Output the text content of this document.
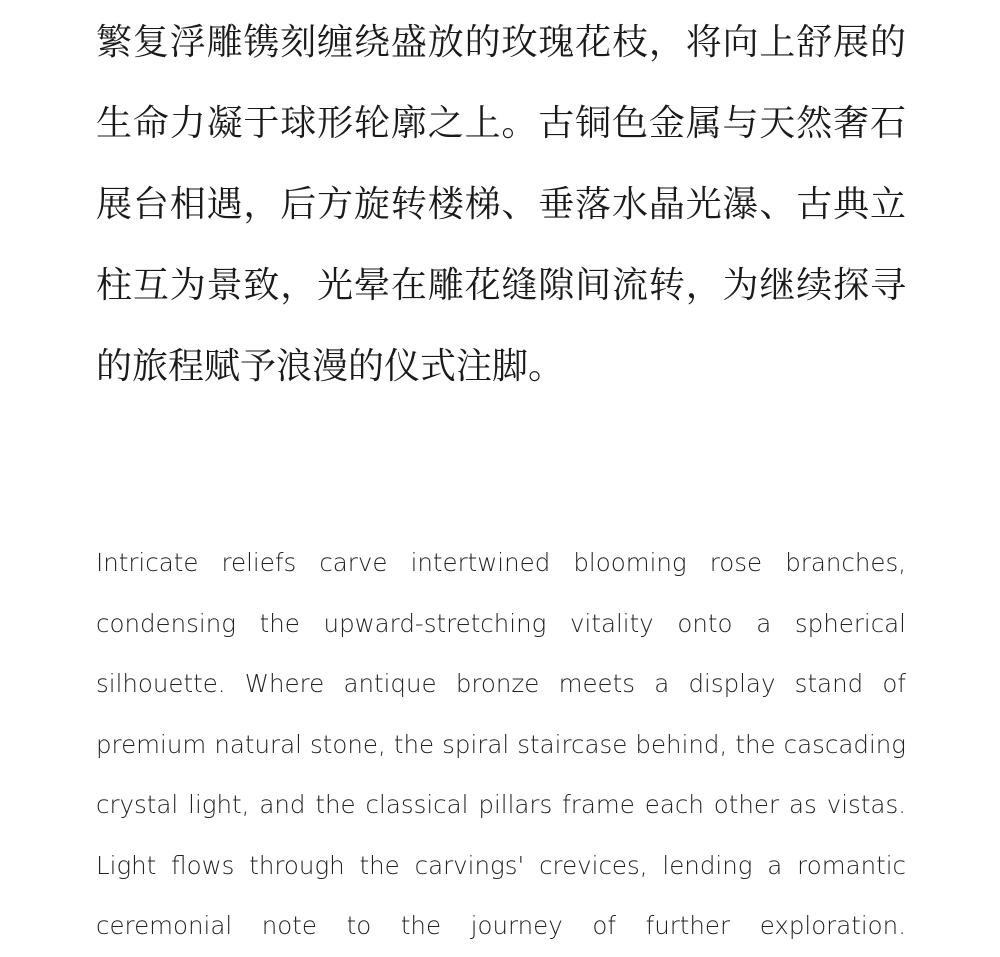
繁复浮雕镌刻缠绕盛放的玫瑰花枝，将向上舒展的生命力凝于球形轮廓之上。古铜色金属与天然奢石展台相遇，后方旋转楼梯、垂落水晶光瀑、古典立柱互为景致，光晕在雕花缝隙间流转，为继续探寻的旅程赋予浪漫的仪式注脚。

Intricate reliefs carve intertwined blooming rose branches, condensing the upward-stretching vitality onto a spherical silhouette. Where antique bronze meets a display stand of premium natural stone, the spiral staircase behind, the cascading crystal light, and the classical pillars frame each other as vistas. Light flows through the carvings' crevices, lending a romantic ceremonial note to the journey of further exploration.
